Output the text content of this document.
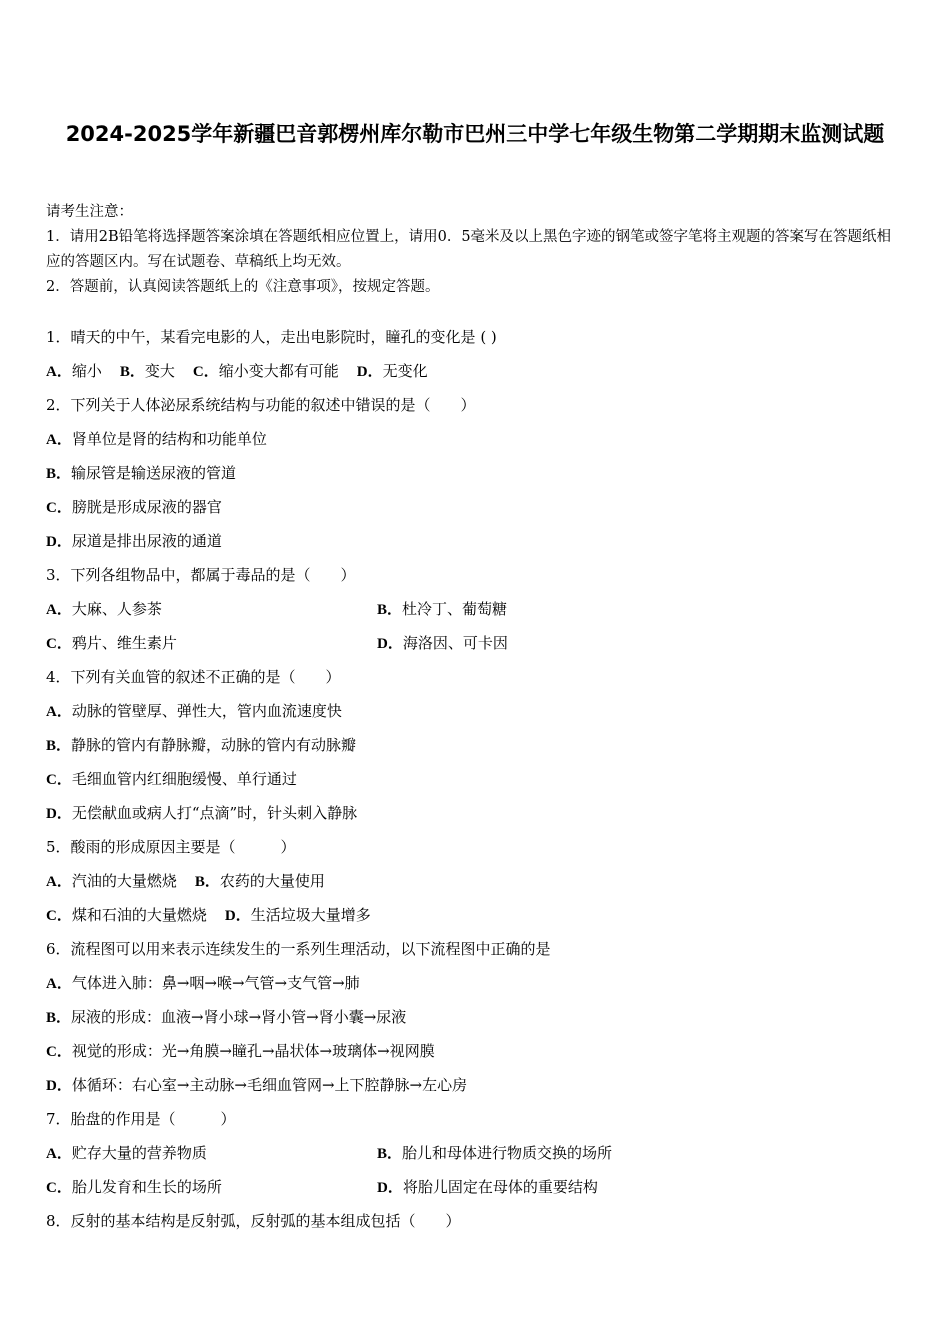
2024-2025学年新疆巴音郭楞州库尔勒市巴州三中学七年级生物第二学期期末监测试题

请考生注意：

1．请用2B铅笔将选择题答案涂填在答题纸相应位置上，请用0．5毫米及以上黑色字迹的钢笔或签字笔将主观题的答案写在答题纸相应的答题区内。写在试题卷、草稿纸上均无效。

2．答题前，认真阅读答题纸上的《注意事项》，按规定答题。

1．晴天的中午，某看完电影的人，走出电影院时，瞳孔的变化是 ( )
A．缩小 B．变大 C．缩小变大都有可能 D．无变化
2．下列关于人体泌尿系统结构与功能的叙述中错误的是（　　）
A．肾单位是肾的结构和功能单位
B．输尿管是输送尿液的管道
C．膀胱是形成尿液的器官
D．尿道是排出尿液的通道
3．下列各组物品中，都属于毒品的是（　　）
A．大麻、人参茶	B．杜冷丁、葡萄糖
C．鸦片、维生素片	D．海洛因、可卡因
4．下列有关血管的叙述不正确的是（　　）
A．动脉的管壁厚、弹性大，管内血流速度快
B．静脉的管内有静脉瓣，动脉的管内有动脉瓣
C．毛细血管内红细胞缓慢、单行通过
D．无偿献血或病人打“点滴”时，针头刺入静脉
5．酸雨的形成原因主要是（　　　）
A．汽油的大量燃烧 B．农药的大量使用
C．煤和石油的大量燃烧 D．生活垃圾大量增多
6．流程图可以用来表示连续发生的一系列生理活动，以下流程图中正确的是
A．气体进入肺：鼻→咽→喉→气管→支气管→肺
B．尿液的形成：血液→肾小球→肾小管→肾小囊→尿液
C．视觉的形成：光→角膜→瞳孔→晶状体→玻璃体→视网膜
D．体循环：右心室→主动脉→毛细血管网→上下腔静脉→左心房
7．胎盘的作用是（　　　）
A．贮存大量的营养物质	B．胎儿和母体进行物质交换的场所
C．胎儿发育和生长的场所	D．将胎儿固定在母体的重要结构
8．反射的基本结构是反射弧，反射弧的基本组成包括（　　）
